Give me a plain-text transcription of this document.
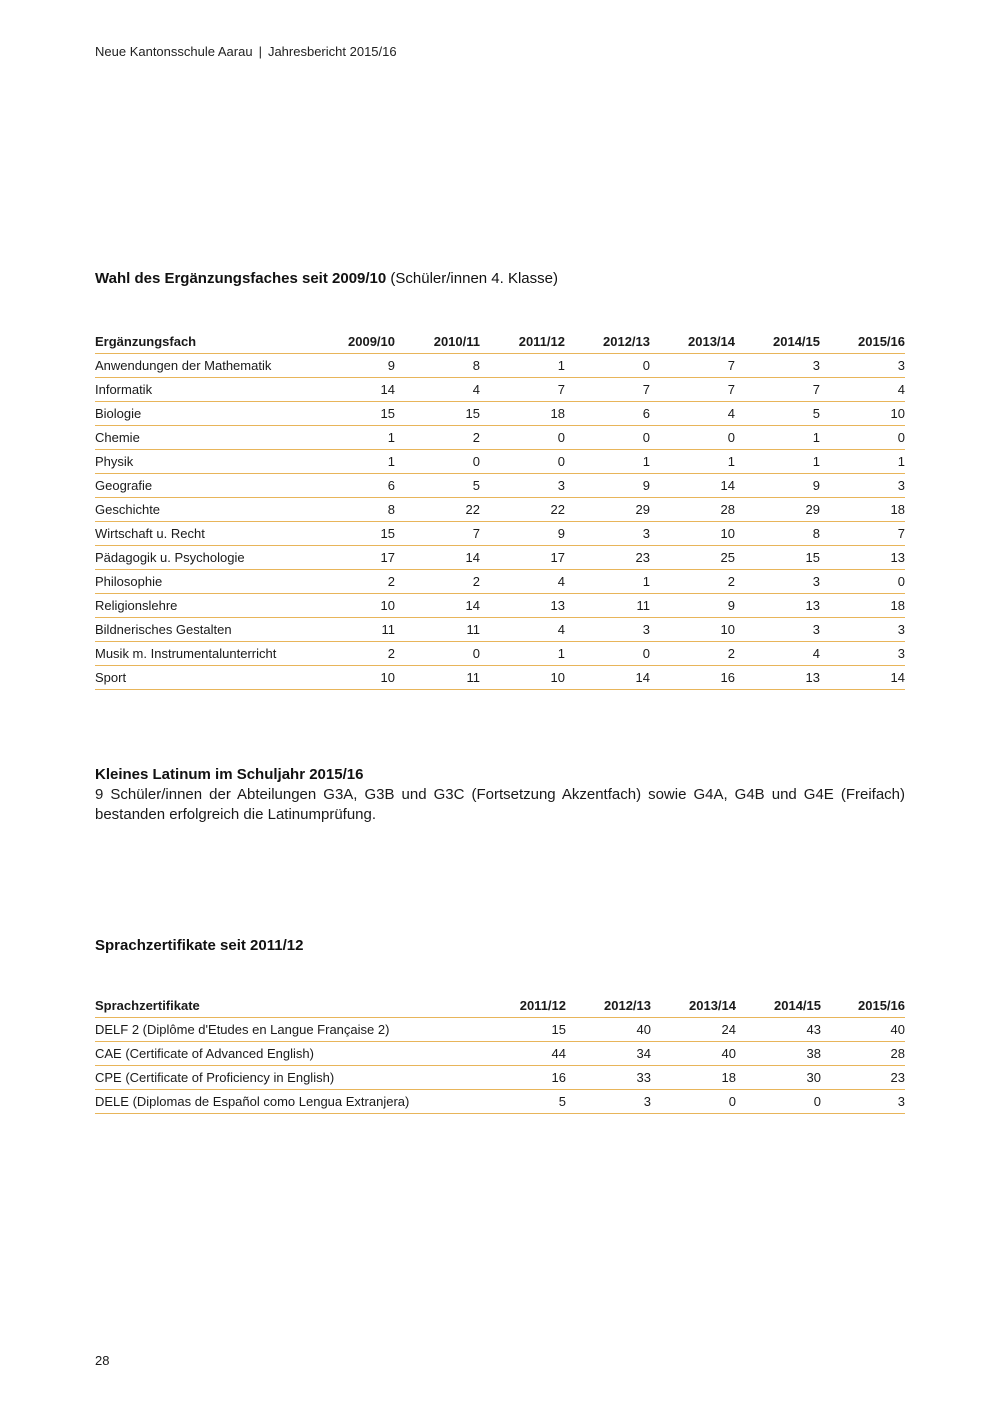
Neue Kantonsschule Aarau | Jahresbericht 2015/16
Wahl des Ergänzungsfaches seit 2009/10 (Schüler/innen 4. Klasse)
Ergänzungsfach	2009/10	2010/11	2011/12	2012/13	2013/14	2014/15	2015/16
Anwendungen der Mathematik	9	8	1	0	7	3	3
Informatik	14	4	7	7	7	7	4
Biologie	15	15	18	6	4	5	10
Chemie	1	2	0	0	0	1	0
Physik	1	0	0	1	1	1	1
Geografie	6	5	3	9	14	9	3
Geschichte	8	22	22	29	28	29	18
Wirtschaft u. Recht	15	7	9	3	10	8	7
Pädagogik u. Psychologie	17	14	17	23	25	15	13
Philosophie	2	2	4	1	2	3	0
Religionslehre	10	14	13	11	9	13	18
Bildnerisches Gestalten	11	11	4	3	10	3	3
Musik m. Instrumentalunterricht	2	0	1	0	2	4	3
Sport	10	11	10	14	16	13	14
Kleines Latinum im Schuljahr 2015/16

9 Schüler/innen der Abteilungen G3A, G3B und G3C (Fortsetzung Akzentfach) sowie G4A, G4B und G4E (Freifach) bestanden erfolgreich die Latinumprüfung.

Sprachzertifikate seit 2011/12
Sprachzertifikate	2011/12	2012/13	2013/14	2014/15	2015/16
DELF 2 (Diplôme d'Etudes en Langue Française 2)	15	40	24	43	40
CAE (Certificate of Advanced English)	44	34	40	38	28
CPE (Certificate of Proficiency in English)	16	33	18	30	23
DELE (Diplomas de Español como Lengua Extranjera)	5	3	0	0	3
28
